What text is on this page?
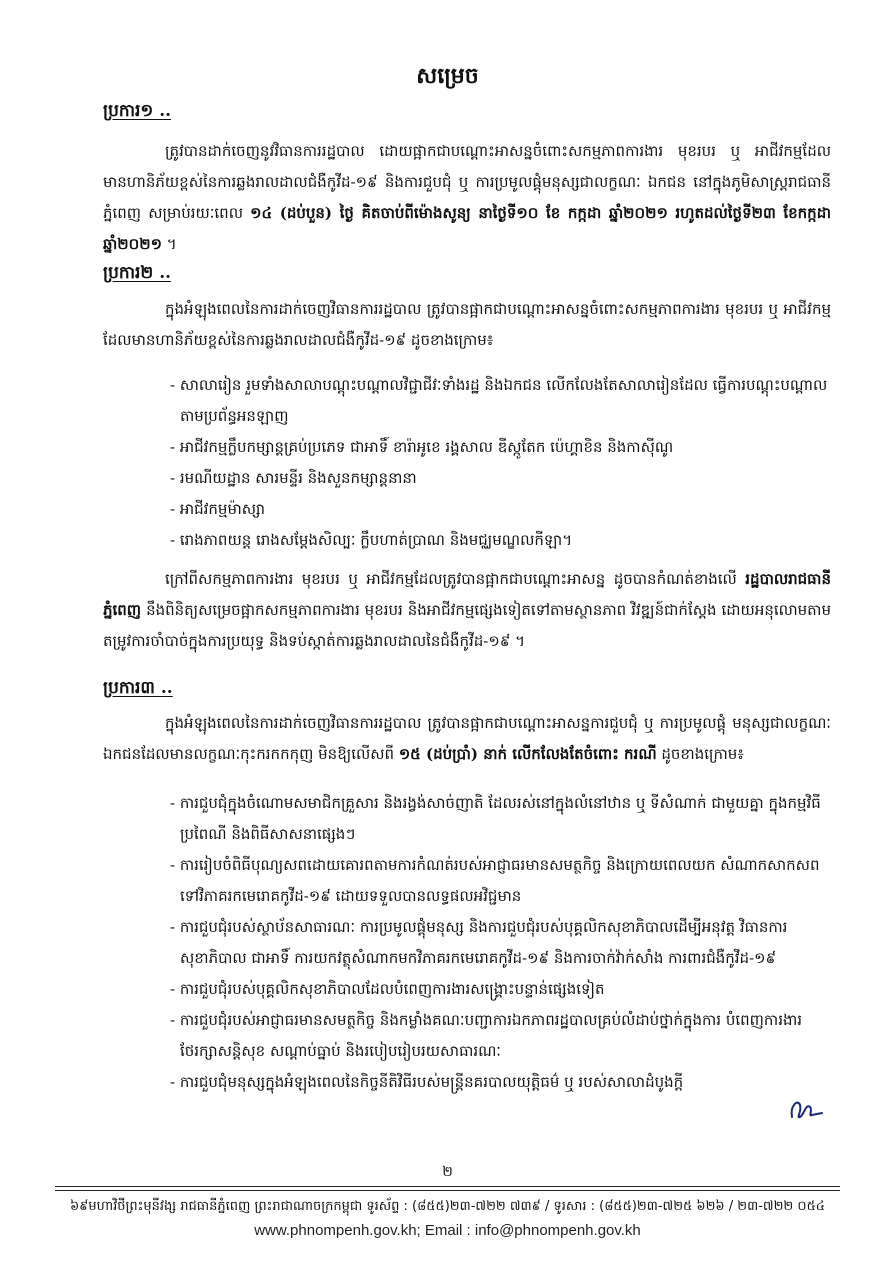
សម្រេច
ប្រការ១ ..
ត្រូវបានដាក់ចេញនូវវិធានការរដ្ឋបាល ដោយផ្អាកជាបណ្ដោះអាសន្នចំពោះសកម្មភាពការងារ មុខរបរ ឬ អាជីវកម្មដែលមានហានិភ័យខ្ពស់នៃការឆ្លងរាលដាលជំងឺកូវីដ-១៩ និងការជួបជុំ ឬ ការប្រមូលផ្ដុំមនុស្សជាលក្ខណៈ ឯកជន នៅក្នុងភូមិសាស្ត្ររាជធានីភ្នំពេញ សម្រាប់រយៈពេល ១៤ (ដប់បួន) ថ្ងៃ គិតចាប់ពីម៉ោងសូន្យ នាថ្ងៃទី១០ ខែ កក្កដា ឆ្នាំ២០២១ រហូតដល់ថ្ងៃទី២៣ ខែកក្កដា ឆ្នាំ២០២១ ។
ប្រការ២ ..
ក្នុងអំឡុងពេលនៃការដាក់ចេញវិធានការរដ្ឋបាល ត្រូវបានផ្អាកជាបណ្ដោះអាសន្នចំពោះសកម្មភាពការងារ មុខរបរ ឬ អាជីវកម្មដែលមានហានិភ័យខ្ពស់នៃការឆ្លងរាលដាលជំងឺកូវីដ-១៩ ដូចខាងក្រោម៖
- សាលារៀន រួមទាំងសាលាបណ្ដុះបណ្ដាលវិជ្ជាជីវៈទាំងរដ្ឋ និងឯកជន លើកលែងតែសាលារៀនដែល ធ្វើការបណ្ដុះបណ្ដាលតាមប្រព័ន្ធអនឡាញ
- អាជីវកម្មក្លឹបកម្សាន្តគ្រប់ប្រភេទ ជាអាទិ៍ ខារ៉ាអូខេ រង្គសាល ឌីស្កូតែក ប៉េហ្គាខិន និងកាស៊ីណូ
- រមណីយដ្ឋាន សារមន្ទីរ និងសួនកម្សាន្តនានា
- អាជីវកម្មម៉ាស្សា
- រោងភាពយន្ត រោងសម្ដែងសិល្បៈ ក្លឹបហាត់ប្រាណ និងមជ្ឈមណ្ឌលកីឡា។
ក្រៅពីសកម្មភាពការងារ មុខរបរ ឬ អាជីវកម្មដែលត្រូវបានផ្អាកជាបណ្ដោះអាសន្ន ដូចបានកំណត់ខាងលើ រដ្ឋបាលរាជធានីភ្នំពេញ នឹងពិនិត្យសម្រេចផ្អាកសកម្មភាពការងារ មុខរបរ និងអាជីវកម្មផ្សេងទៀតទៅតាមស្ថានភាព វិវឌ្ឍន៍ជាក់ស្ដែង ដោយអនុលោមតាមតម្រូវការចាំបាច់ក្នុងការប្រយុទ្ធ និងទប់ស្កាត់ការឆ្លងរាលដាលនៃជំងឺកូវីដ-១៩ ។
ប្រការ៣ ..
ក្នុងអំឡុងពេលនៃការដាក់ចេញវិធានការរដ្ឋបាល ត្រូវបានផ្អាកជាបណ្ដោះអាសន្នការជួបជុំ ឬ ការប្រមូលផ្ដុំ មនុស្សជាលក្ខណៈឯកជនដែលមានលក្ខណៈកុះករកកកុញ មិនឱ្យលើសពី ១៥ (ដប់ប្រាំ) នាក់ លើកលែងតែចំពោះ ករណី ដូចខាងក្រោម៖
- ការជួបជុំក្នុងចំណោមសមាជិកគ្រួសារ និងរង្វង់សាច់ញាតិ ដែលរស់នៅក្នុងលំនៅឋាន ឬ ទីសំណាក់ ជាមួយគ្នា ក្នុងកម្មវិធីប្រពៃណី និងពិធីសាសនាផ្សេងៗ
- ការរៀបចំពិធីបុណ្យសពដោយគោរពតាមការកំណត់របស់អាជ្ញាធរមានសមត្ថកិច្ច និងក្រោយពេលយក សំណាកសាកសពទៅវិភាគរកមេរោគកូវីដ-១៩ ដោយទទួលបានលទ្ធផលអវិជ្ជមាន
- ការជួបជុំរបស់ស្ថាប័នសាធារណៈ ការប្រមូលផ្ដុំមនុស្ស និងការជួបជុំរបស់បុគ្គលិកសុខាភិបាលដើម្បីអនុវត្ត វិធានការសុខាភិបាល ជាអាទិ៍ ការយកវត្ថុសំណាកមកវិភាគរកមេរោគកូវីដ-១៩ និងការចាក់វ៉ាក់សាំង ការពារជំងឺកូវីដ-១៩
- ការជួបជុំរបស់បុគ្គលិកសុខាភិបាលដែលបំពេញការងារសង្គ្រោះបន្ទាន់ផ្សេងទៀត
- ការជួបជុំរបស់អាជ្ញាធរមានសមត្ថកិច្ច និងកម្លាំងគណៈបញ្ជាការឯកភាពរដ្ឋបាលគ្រប់លំដាប់ថ្នាក់ក្នុងការ បំពេញការងារថែរក្សាសន្ដិសុខ សណ្ដាប់ធ្នាប់ និងរបៀបរៀបរយសាធារណៈ
- ការជួបជុំមនុស្សក្នុងអំឡុងពេលនៃកិច្ចនីតិវិធីរបស់មន្ត្រីនគរបាលយុត្តិធម៌ ឬ របស់សាលាដំបូងក្ដី
២
៦៩មហាវិថីព្រះមុនីវង្ស រាជធានីភ្នំពេញ ព្រះរាជាណាចក្រកម្ពុជា ទូរស័ព្ទ : (៨៥៥)២៣-៧២២ ៧៣៩ / ទូរសារ : (៨៥៥)២៣-៧២៥ ៦២៦ / ២៣-៧២២ ០៥៤
www.phnompenh.gov.kh; Email : info@phnompenh.gov.kh
